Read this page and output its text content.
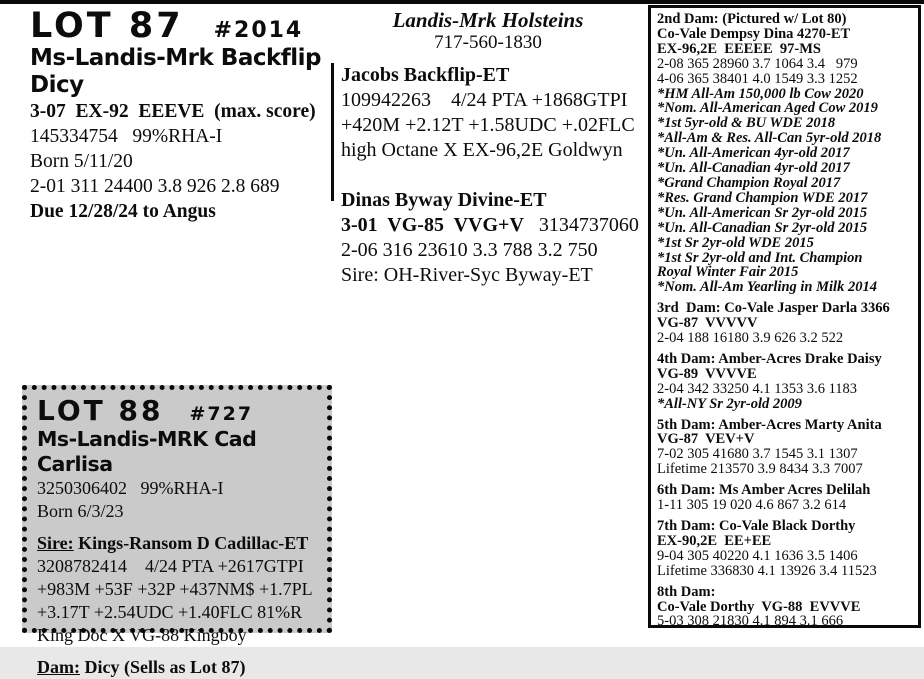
LOT 87 #2014
Ms-Landis-Mrk Backflip Dicy
3-07  EX-92  EEEVE  (max. score)
145334754   99%RHA-I
Born 5/11/20
2-01 311 24400 3.8 926 2.8 689
Due 12/28/24 to Angus
Landis-Mrk Holsteins
717-560-1830
Jacobs Backflip-ET
109942263    4/24 PTA +1868GTPI
+420M +2.12T +1.58UDC +.02FLC
high Octane X EX-96,2E Goldwyn
Dinas Byway Divine-ET
3-01  VG-85  VVG+V   3134737060
2-06 316 23610 3.3 788 3.2 750
Sire: OH-River-Syc Byway-ET
LOT 88 #727
Ms-Landis-MRK Cad Carlisa
3250306402   99%RHA-I
Born 6/3/23
Sire: Kings-Ransom D Cadillac-ET
3208782414    4/24 PTA +2617GTPI
+983M +53F +32P +437NM$ +1.7PL
+3.17T +2.54UDC +1.40FLC 81%R
King Doc X VG-88 Kingboy
Dam: Dicy (Sells as Lot 87)
2nd Dam: (Pictured w/ Lot 80)
Co-Vale Dempsy Dina 4270-ET
EX-96,2E  EEEEE  97-MS
2-08 365 28960 3.7 1064 3.4   979
4-06 365 38401 4.0 1549 3.3 1252
*HM All-Am 150,000 lb Cow 2020
*Nom. All-American Aged Cow 2019
*1st 5yr-old & BU WDE 2018
*All-Am & Res. All-Can 5yr-old 2018
*Un. All-American 4yr-old 2017
*Un. All-Canadian 4yr-old 2017
*Grand Champion Royal 2017
*Res. Grand Champion WDE 2017
*Un. All-American Sr 2yr-old 2015
*Un. All-Canadian Sr 2yr-old 2015
*1st Sr 2yr-old WDE 2015
*1st Sr 2yr-old and Int. Champion
Royal Winter Fair 2015
*Nom. All-Am Yearling in Milk 2014
3rd  Dam: Co-Vale Jasper Darla 3366
VG-87  VVVVV
2-04 188 16180 3.9 626 3.2 522
4th Dam: Amber-Acres Drake Daisy
VG-89  VVVVE
2-04 342 33250 4.1 1353 3.6 1183
*All-NY Sr 2yr-old 2009
5th Dam: Amber-Acres Marty Anita
VG-87  VEV+V
7-02 305 41680 3.7 1545 3.1 1307
Lifetime 213570 3.9 8434 3.3 7007
6th Dam: Ms Amber Acres Delilah
1-11 305 19 020 4.6 867 3.2 614
7th Dam: Co-Vale Black Dorthy
EX-90,2E  EE+EE
9-04 305 40220 4.1 1636 3.5 1406
Lifetime 336830 4.1 13926 3.4 11523
8th Dam:
Co-Vale Dorthy  VG-88  EVVVE
5-03 308 21830 4.1 894 3.1 666
